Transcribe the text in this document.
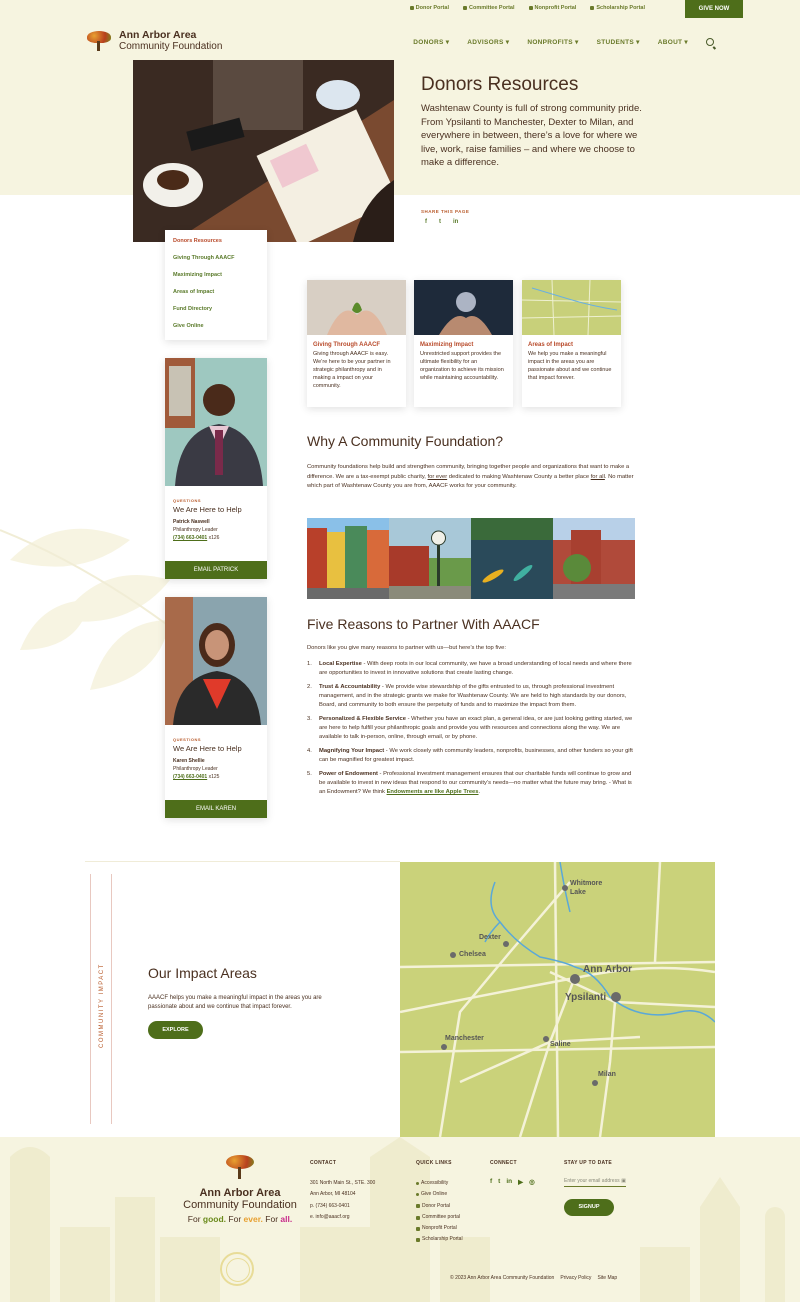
Donor Portal	Committee Portal	Nonprofit Portal	Scholarship Portal	GIVE NOW
Ann Arbor Area
Community Foundation	DONORS ▾	ADVISORS ▾	NONPROFITS ▾	STUDENTS ▾	ABOUT ▾
Donors Resources
Washtenaw County is full of strong community pride. From Ypsilanti to Manchester, Dexter to Milan, and everywhere in between, there’s a love for where we live, work, raise families – and where we choose to make a difference.
SHARE THIS PAGE
f t in
Donors Resources
Giving Through AAACF
Maximizing Impact
Areas of Impact
Fund Directory
Give Online
QUESTIONS
We Are Here to Help
Patrick Naswell
Philanthropy Leader
(734) 663-0401 x126
EMAIL PATRICK
QUESTIONS
We Are Here to Help
Karen Shellie
Philanthropy Leader
(734) 663-0401 x125
EMAIL KAREN
Giving Through AAACF
Giving through AAACF is easy. We’re here to be your partner in strategic philanthropy and in making a impact on your community.
Maximizing Impact
Unrestricted support provides the ultimate flexibility for an organization to achieve its mission while maintaining accountability.
Areas of Impact
We help you make a meaningful impact in the areas you are passionate about and we continue that impact forever.
Why A Community Foundation?
Community foundations help build and strengthen community, bringing together people and organizations that want to make a difference. We are a tax-exempt public charity, for ever dedicated to making Washtenaw County a better place for all. No matter which part of Washtenaw County you are from, AAACF works for your community.
Five Reasons to Partner With AAACF
Donors like you give many reasons to partner with us—but here’s the top five:
1.	Local Expertise - With deep roots in our local community, we have a broad understanding of local needs and where there are opportunities to invest in innovative solutions that create lasting change.
2.	Trust & Accountability - We provide wise stewardship of the gifts entrusted to us, through professional investment management, and in the strategic grants we make for Washtenaw County. We are held to high standards by our donors, Board, and community to both ensure the perpetuity of funds and to maximize the impact from them.
3.	Personalized & Flexible Service - Whether you have an exact plan, a general idea, or are just looking getting started, we are here to help fulfill your philanthropic goals and provide you with resources and connections along the way. We are available to talk in-person, online, through email, or by phone.
4.	Magnifying Your Impact - We work closely with community leaders, nonprofits, businesses, and other funders so your gift can be magnified for greatest impact.
5.	Power of Endowment - Professional investment management ensures that our charitable funds will continue to grow and be available to invest in new ideas that respond to our community’s needs—no matter what the future may bring. - What is an Endowment? We think Endowments are like Apple Trees.
COMMUNITY IMPACT	Our Impact Areas
AAACF helps you make a meaningful impact in the areas you are passionate about and we continue that impact forever.
EXPLORE
Whitmore
Lake
Dexter
Chelsea
Ann Arbor
Ypsilanti
Manchester
Saline
Milan
Ann Arbor Area
Community Foundation
For good. For ever. For all.
CONTACT
301 North Main St., STE. 300
Ann Arbor, MI 48104
p. (734) 663-0401
e. info@aaacf.org
QUICK LINKS
Accessibility
Give Online
Donor Portal
Committee portal
Nonprofit Portal
Scholarship Portal
CONNECT
f t in ▶ ◎
STAY UP TO DATE
Enter your email address ▣
SIGNUP
© 2023 Ann Arbor Area Community Foundation Privacy Policy Site Map
